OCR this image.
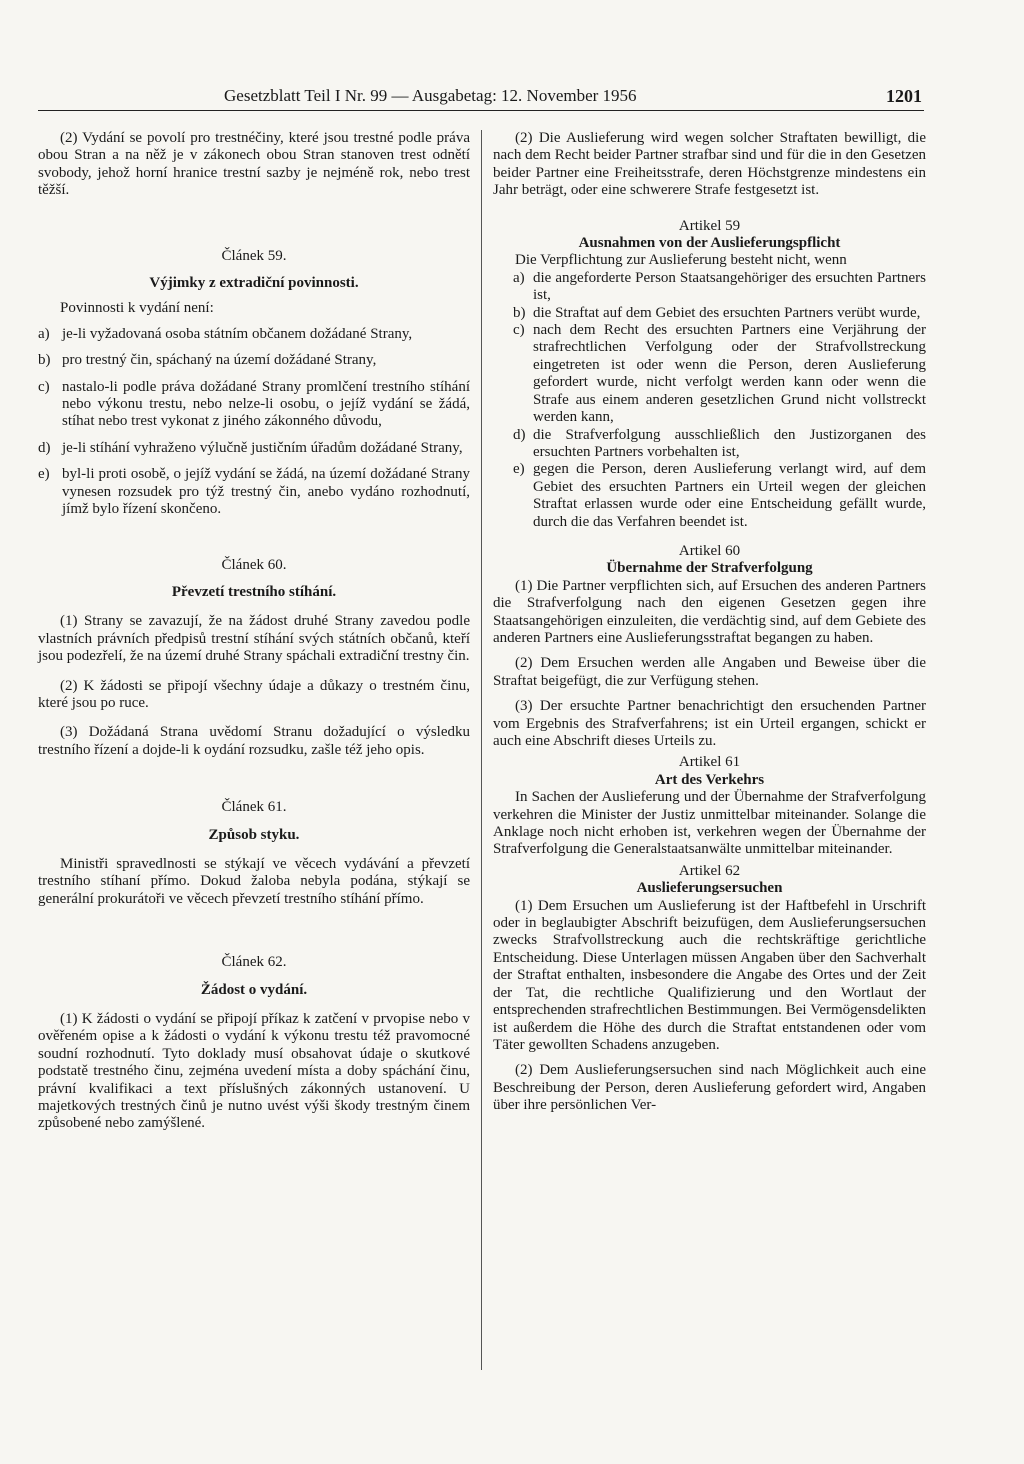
Gesetzblatt Teil I Nr. 99 — Ausgabetag: 12. November 1956	1201

(2) Vydání se povolí pro trestnéčiny, které jsou trestné podle práva obou Stran a na něž je v zákonech obou Stran stanoven trest odnětí svobody, jehož horní hranice trestní sazby je nejméně rok, nebo trest těžší.

Článek 59.

Výjimky z extradiční povinnosti.

Povinnosti k vydání není:

a) je-li vyžadovaná osoba státním občanem dožádané Strany,
b) pro trestný čin, spáchaný na území dožádané Strany,
c) nastalo-li podle práva dožádané Strany promlčení trestního stíhání nebo výkonu trestu, nebo nelze-li osobu, o jejíž vydání se žádá, stíhat nebo trest vykonat z jiného zákonného důvodu,
d) je-li stíhání vyhraženo výlučně justičním úřadům dožádané Strany,
e) byl-li proti osobě, o jejíž vydání se žádá, na území dožádané Strany vynesen rozsudek pro týž trestný čin, anebo vydáno rozhodnutí, jímž bylo řízení skončeno.

Článek 60.

Převzetí trestního stíhání.

(1) Strany se zavazují, že na žádost druhé Strany zavedou podle vlastních právních předpisů trestní stíhání svých státních občanů, kteří jsou podezřelí, že na území druhé Strany spáchali extradiční trestny čin.

(2) K žádosti se připojí všechny údaje a důkazy o trestném činu, které jsou po ruce.

(3) Dožádaná Strana uvědomí Stranu dožadující o výsledku trestního řízení a dojde-li k oydání rozsudku, zašle též jeho opis.

Článek 61.

Způsob styku.

Ministři spravedlnosti se stýkají ve věcech vydávání a převzetí trestního stíhaní přímo. Dokud žaloba nebyla podána, stýkají se generální prokurátoři ve věcech převzetí trestního stíhání přímo.

Článek 62.

Žádost o vydání.

(1) K žádosti o vydání se připojí příkaz k zatčení v prvopise nebo v ověřeném opise a k žádosti o vydání k výkonu trestu též pravomocné soudní rozhodnutí. Tyto doklady musí obsahovat údaje o skutkové podstatě trestného činu, zejména uvedení místa a doby spáchání činu, právní kvalifikaci a text příslušných zákonných ustanovení. U majetkových trestných činů je nutno uvést výši škody trestným činem způsobené nebo zamýšlené.

(2) Die Auslieferung wird wegen solcher Straftaten bewilligt, die nach dem Recht beider Partner strafbar sind und für die in den Gesetzen beider Partner eine Freiheitsstrafe, deren Höchstgrenze mindestens ein Jahr beträgt, oder eine schwerere Strafe festgesetzt ist.

Artikel 59

Ausnahmen von der Auslieferungspflicht

Die Verpflichtung zur Auslieferung besteht nicht, wenn

a) die angeforderte Person Staatsangehöriger des ersuchten Partners ist,
b) die Straftat auf dem Gebiet des ersuchten Partners verübt wurde,
c) nach dem Recht des ersuchten Partners eine Verjährung der strafrechtlichen Verfolgung oder der Strafvollstreckung eingetreten ist oder wenn die Person, deren Auslieferung gefordert wurde, nicht verfolgt werden kann oder wenn die Strafe aus einem anderen gesetzlichen Grund nicht vollstreckt werden kann,
d) die Strafverfolgung ausschließlich den Justizorganen des ersuchten Partners vorbehalten ist,
e) gegen die Person, deren Auslieferung verlangt wird, auf dem Gebiet des ersuchten Partners ein Urteil wegen der gleichen Straftat erlassen wurde oder eine Entscheidung gefällt wurde, durch die das Verfahren beendet ist.

Artikel 60

Übernahme der Strafverfolgung

(1) Die Partner verpflichten sich, auf Ersuchen des anderen Partners die Strafverfolgung nach den eigenen Gesetzen gegen ihre Staatsangehörigen einzuleiten, die verdächtig sind, auf dem Gebiete des anderen Partners eine Auslieferungsstraftat begangen zu haben.

(2) Dem Ersuchen werden alle Angaben und Beweise über die Straftat beigefügt, die zur Verfügung stehen.

(3) Der ersuchte Partner benachrichtigt den ersuchenden Partner vom Ergebnis des Strafverfahrens; ist ein Urteil ergangen, schickt er auch eine Abschrift dieses Urteils zu.

Artikel 61

Art des Verkehrs

In Sachen der Auslieferung und der Übernahme der Strafverfolgung verkehren die Minister der Justiz unmittelbar miteinander. Solange die Anklage noch nicht erhoben ist, verkehren wegen der Übernahme der Strafverfolgung die Generalstaatsanwälte unmittelbar miteinander.

Artikel 62

Auslieferungsersuchen

(1) Dem Ersuchen um Auslieferung ist der Haftbefehl in Urschrift oder in beglaubigter Abschrift beizufügen, dem Auslieferungsersuchen zwecks Strafvollstreckung auch die rechtskräftige gerichtliche Entscheidung. Diese Unterlagen müssen Angaben über den Sachverhalt der Straftat enthalten, insbesondere die Angabe des Ortes und der Zeit der Tat, die rechtliche Qualifizierung und den Wortlaut der entsprechenden strafrechtlichen Bestimmungen. Bei Vermögensdelikten ist außerdem die Höhe des durch die Straftat entstandenen oder vom Täter gewollten Schadens anzugeben.

(2) Dem Auslieferungsersuchen sind nach Möglichkeit auch eine Beschreibung der Person, deren Auslieferung gefordert wird, Angaben über ihre persönlichen Ver-
